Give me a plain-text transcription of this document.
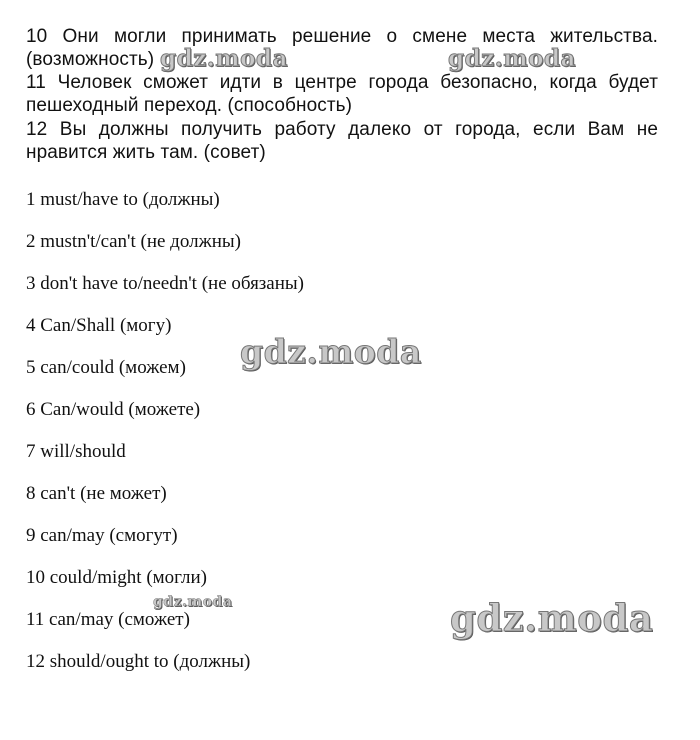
10 Они могли принимать решение о смене места жительства. (возможность)

11 Человек сможет идти в центре города безопасно, когда будет пешеходный переход. (способность)

12 Вы должны получить работу далеко от города, если Вам не нравится жить там. (совет)

1 must/have to (должны)
2 mustn't/can't (не должны)
3 don't have to/needn't (не обязаны)
4 Can/Shall (могу)
5 can/could (можем)
6 Can/would (можете)
7 will/should
8 can't (не может)
9 can/may (смогут)
10 could/might (могли)
11 can/may (сможет)
12 should/ought to (должны)
gdz.moda	gdz.moda
gdz.moda
gdz.moda	gdz.moda
